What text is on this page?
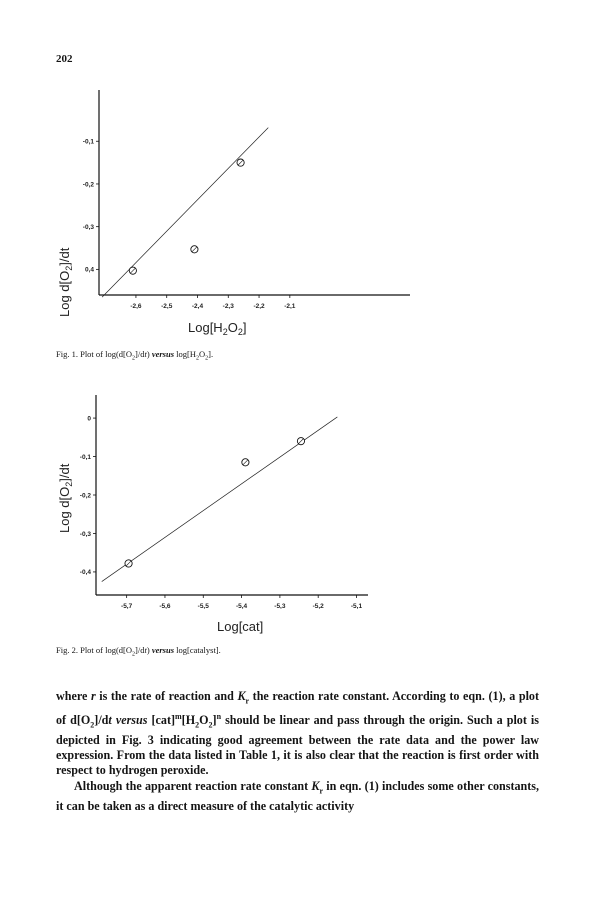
202
Log $d[O_2]/dt$
$Log[H_2O_2]$
-2,6	-2,5	-2,4	-2,3	-2,2	-2,1
-0,1
-0,2
-0,3
0,4
Fig. 1. Plot of $\log(d[O_2]/dt)$ versus $\log[H_2O_2]$.
Log $d[O_2]/dt$
Log[cat]
-5,7	-5,6	-5,5	-5,4	-5,3	-5,2	-5,1
0
-0,1
-0,2
-0,3
-0,4
Fig. 2. Plot of $\log(d[O_2]/dt)$ versus log[catalyst].

where r is the rate of reaction and $K_r$ the reaction rate constant. According to eqn. (1), a plot of $d[O_2]/dt$ versus $[cat]^m[H_2O_2]^n$ should be linear and pass through the origin. Such a plot is depicted in Fig. 3 indicating good agreement between the rate data and the power law expression. From the data listed in Table 1, it is also clear that the reaction is first order with respect to hydrogen peroxide.

Although the apparent reaction rate constant $K_r$ in eqn. (1) includes some other constants, it can be taken as a direct measure of the catalytic activity
